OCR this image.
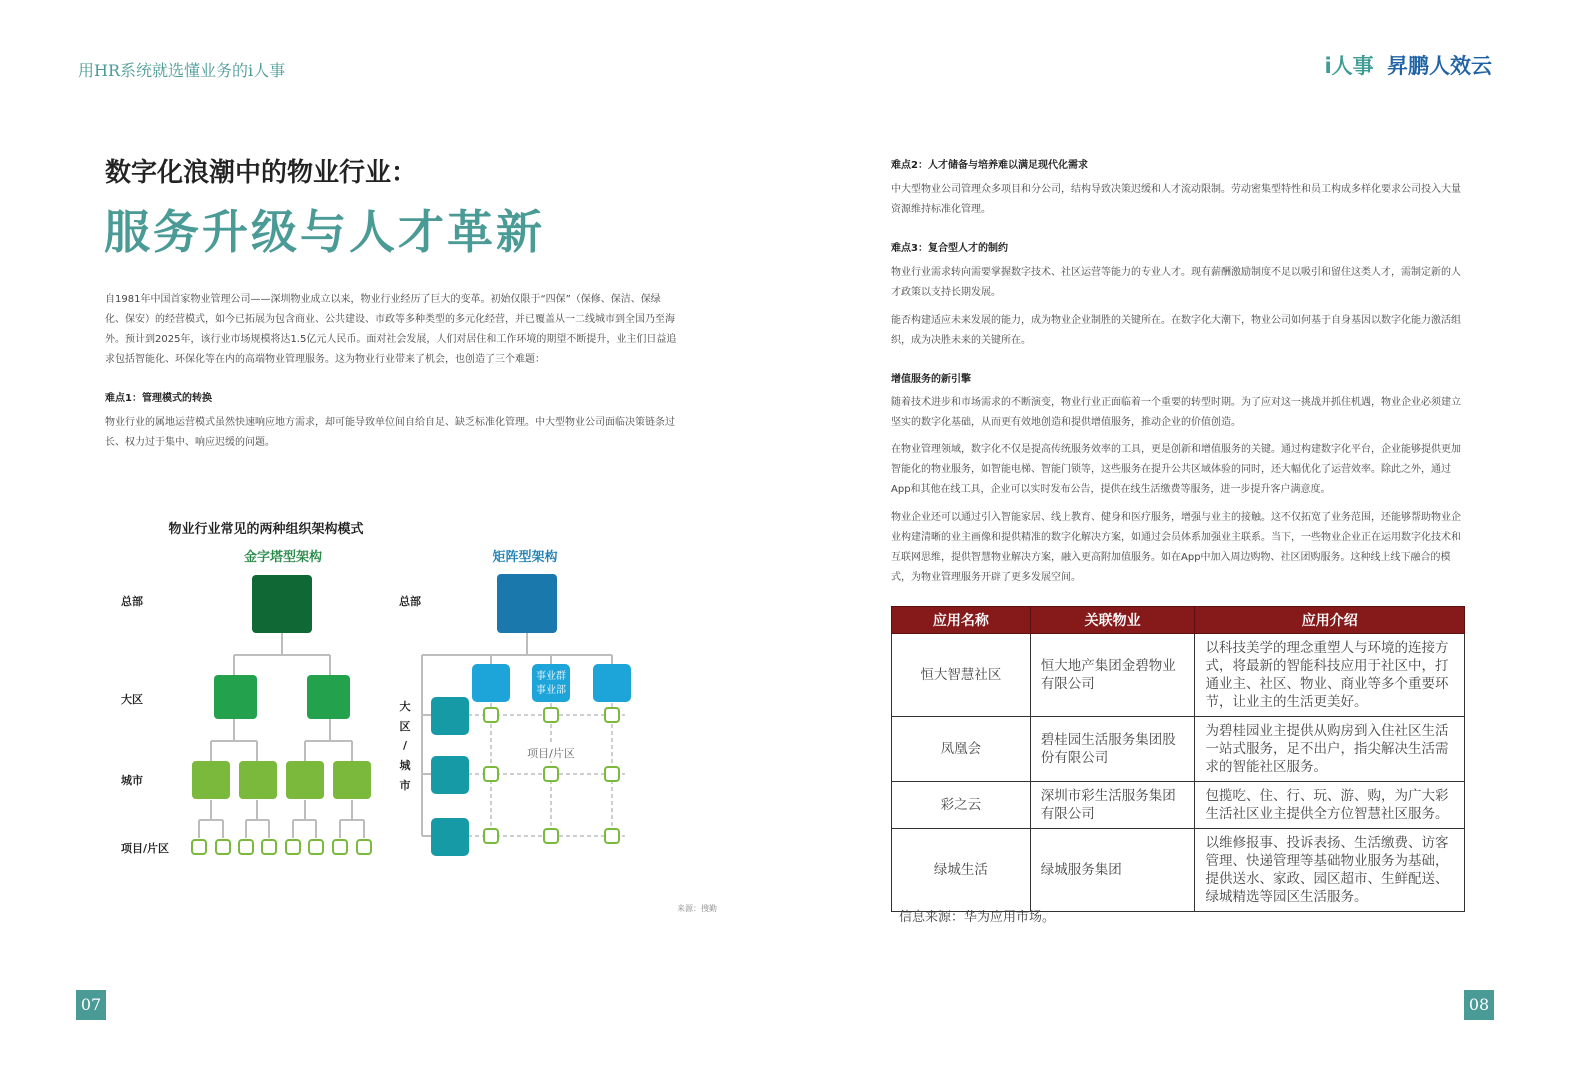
用HR系统就选懂业务的i人事	i人事 昇鹏人效云
数字化浪潮中的物业行业：
服务升级与人才革新
自1981年中国首家物业管理公司——深圳物业成立以来，物业行业经历了巨大的变革。初始仅限于“四保”（保修、保洁、保绿化、保安）的经营模式，如今已拓展为包含商业、公共建设、市政等多种类型的多元化经营，并已覆盖从一二线城市到全国乃至海外。预计到2025年，该行业市场规模将达1.5亿元人民币。面对社会发展，人们对居住和工作环境的期望不断提升，业主们日益追求包括智能化、环保化等在内的高端物业管理服务。这为物业行业带来了机会，也创造了三个难题：
难点1：管理模式的转换
物业行业的属地运营模式虽然快速响应地方需求，却可能导致单位间自给自足、缺乏标准化管理。中大型物业公司面临决策链条过长、权力过于集中、响应迟缓的问题。
物业行业常见的两种组织架构模式
金字塔型架构	矩阵型架构
总部
大区
城市
项目/片区
总部
大
区
/
城
市
事业群
事业部
项目/片区
来源：搜勤
07
难点2：人才储备与培养难以满足现代化需求
中大型物业公司管理众多项目和分公司，结构导致决策迟缓和人才流动限制。劳动密集型特性和员工构成多样化要求公司投入大量资源维持标准化管理。
难点3：复合型人才的制约
物业行业需求转向需要掌握数字技术、社区运营等能力的专业人才。现有薪酬激励制度不足以吸引和留住这类人才，需制定新的人才政策以支持长期发展。
能否构建适应未来发展的能力，成为物业企业制胜的关键所在。在数字化大潮下，物业公司如何基于自身基因以数字化能力激活组织，成为决胜未来的关键所在。
增值服务的新引擎
随着技术进步和市场需求的不断演变，物业行业正面临着一个重要的转型时期。为了应对这一挑战并抓住机遇，物业企业必须建立坚实的数字化基础，从而更有效地创造和提供增值服务，推动企业的价值创造。
在物业管理领域，数字化不仅是提高传统服务效率的工具，更是创新和增值服务的关键。通过构建数字化平台，企业能够提供更加智能化的物业服务，如智能电梯、智能门锁等，这些服务在提升公共区域体验的同时，还大幅优化了运营效率。除此之外，通过App和其他在线工具，企业可以实时发布公告，提供在线生活缴费等服务，进一步提升客户满意度。
物业企业还可以通过引入智能家居、线上教育、健身和医疗服务，增强与业主的接触。这不仅拓宽了业务范围，还能够帮助物业企业构建清晰的业主画像和提供精准的数字化解决方案，如通过会员体系加强业主联系。当下，一些物业企业正在运用数字化技术和互联网思维，提供智慧物业解决方案，融入更高附加值服务。如在App中加入周边购物、社区团购服务。这种线上线下融合的模式，为物业管理服务开辟了更多发展空间。
应用名称	关联物业	应用介绍
恒大智慧社区	恒大地产集团金碧物业有限公司	以科技美学的理念重塑人与环境的连接方式，将最新的智能科技应用于社区中，打通业主、社区、物业、商业等多个重要环节，让业主的生活更美好。
凤凰会	碧桂园生活服务集团股份有限公司	为碧桂园业主提供从购房到入住社区生活一站式服务，足不出户，指尖解决生活需求的智能社区服务。
彩之云	深圳市彩生活服务集团有限公司	包揽吃、住、行、玩、游、购，为广大彩生活社区业主提供全方位智慧社区服务。
绿城生活	绿城服务集团	以维修报事、投诉表扬、生活缴费、访客管理、快递管理等基础物业服务为基础，提供送水、家政、园区超市、生鲜配送、绿城精选等园区生活服务。
信息来源：华为应用市场。
08
